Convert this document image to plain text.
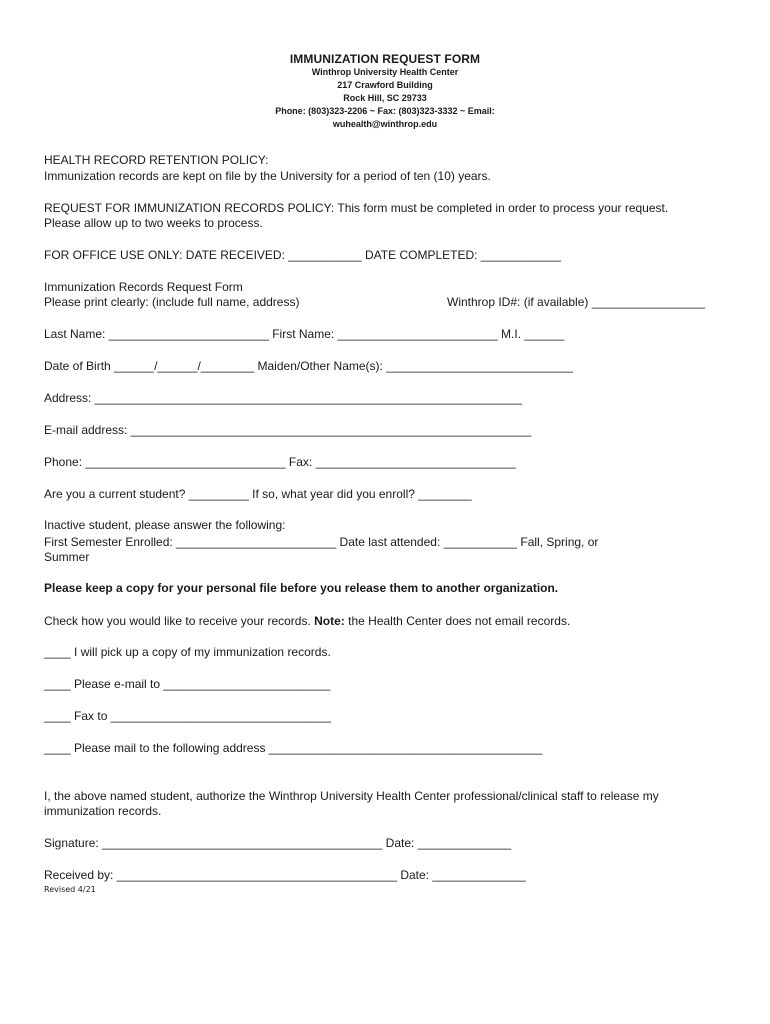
IMMUNIZATION REQUEST FORM
Winthrop University Health Center
217 Crawford Building
Rock Hill, SC 29733
Phone: (803)323-2206 ~ Fax: (803)323-3332 ~ Email:
wuhealth@winthrop.edu
HEALTH RECORD RETENTION POLICY:
Immunization records are kept on file by the University for a period of ten (10) years.
REQUEST FOR IMMUNIZATION RECORDS POLICY: This form must be completed in order to process your request.
Please allow up to two weeks to process.
FOR OFFICE USE ONLY: DATE RECEIVED: ___________ DATE COMPLETED: ____________
Immunization Records Request Form
Please print clearly: (include full name, address)	Winthrop ID#: (if available) _________________
Last Name: ________________________ First Name: ________________________ M.I. ______
Date of Birth ______/______/________ Maiden/Other Name(s): ____________________________
Address: ________________________________________________________________
E-mail address: ____________________________________________________________
Phone: ______________________________ Fax: ______________________________
Are you a current student? _________ If so, what year did you enroll? ________
Inactive student, please answer the following:
First Semester Enrolled: ________________________ Date last attended: ___________ Fall, Spring, or
Summer
Please keep a copy for your personal file before you release them to another organization.
Check how you would like to receive your records. Note: the Health Center does not email records.
____ I will pick up a copy of my immunization records.
____ Please e-mail to _________________________
____ Fax to _________________________________
____ Please mail to the following address _________________________________________
I, the above named student, authorize the Winthrop University Health Center professional/clinical staff to release my
immunization records.
Signature: __________________________________________ Date: ______________
Received by: __________________________________________ Date: ______________
Revised 4/21
